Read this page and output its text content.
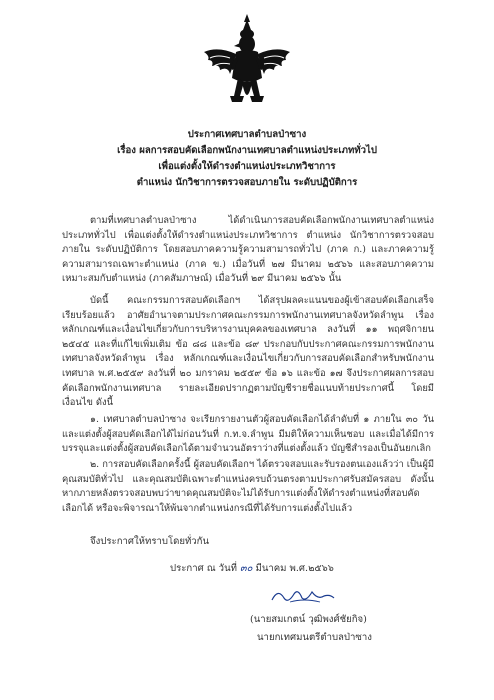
ประกาศเทศบาลตำบลป่าซาง
เรื่อง ผลการสอบคัดเลือกพนักงานเทศบาลตำแหน่งประเภททั่วไป
เพื่อแต่งตั้งให้ดำรงตำแหน่งประเภทวิชาการ
ตำแหน่ง นักวิชาการตรวจสอบภายใน ระดับปฏิบัติการ
ตามที่เทศบาลตำบลป่าซาง ได้ดำเนินการสอบคัดเลือกพนักงานเทศบาลตำแหน่งประเภททั่วไป เพื่อแต่งตั้งให้ดำรงตำแหน่งประเภทวิชาการ ตำแหน่ง นักวิชาการตรวจสอบภายใน ระดับปฏิบัติการ โดยสอบภาคความรู้ความสามารถทั่วไป (ภาค ก.) และภาคความรู้ความสามารถเฉพาะตำแหน่ง (ภาค ข.) เมื่อวันที่ ๒๗ มีนาคม ๒๕๖๖ และสอบภาคความเหมาะสมกับตำแหน่ง (ภาคสัมภาษณ์) เมื่อวันที่ ๒๙ มีนาคม ๒๕๖๖ นั้น
บัดนี้ คณะกรรมการสอบคัดเลือกฯ ได้สรุปผลคะแนนของผู้เข้าสอบคัดเลือกเสร็จเรียบร้อยแล้ว อาศัยอำนาจตามประกาศคณะกรรมการพนักงานเทศบาลจังหวัดลำพูน เรื่อง หลักเกณฑ์และเงื่อนไขเกี่ยวกับการบริหารงานบุคคลของเทศบาล ลงวันที่ ๑๑ พฤศจิกายน ๒๕๔๕ และที่แก้ไขเพิ่มเติม ข้อ ๘๘ และข้อ ๘๙ ประกอบกับประกาศคณะกรรมการพนักงานเทศบาลจังหวัดลำพูน เรื่อง หลักเกณฑ์และเงื่อนไขเกี่ยวกับการสอบคัดเลือกสำหรับพนักงานเทศบาล พ.ศ.๒๕๕๙ ลงวันที่ ๒๐ มกราคม ๒๕๕๙ ข้อ ๑๖ และข้อ ๑๗ จึงประกาศผลการสอบคัดเลือกพนักงานเทศบาล รายละเอียดปรากฏตามบัญชีรายชื่อแนบท้ายประกาศนี้ โดยมีเงื่อนไข ดังนี้
๑. เทศบาลตำบลป่าซาง จะเรียกรายงานตัวผู้สอบคัดเลือกได้ลำดับที่ ๑ ภายใน ๓๐ วัน และแต่งตั้งผู้สอบคัดเลือกได้ไม่ก่อนวันที่ ก.ท.จ.ลำพูน มีมติให้ความเห็นชอบ และเมื่อได้มีการบรรจุและแต่งตั้งผู้สอบคัดเลือกได้ตามจำนวนอัตราว่างที่แต่งตั้งแล้ว บัญชีสำรองเป็นอันยกเลิก
๒. การสอบคัดเลือกครั้งนี้ ผู้สอบคัดเลือกฯ ได้ตรวจสอบและรับรองตนเองแล้วว่า เป็นผู้มีคุณสมบัติทั่วไป และคุณสมบัติเฉพาะตำแหน่งครบถ้วนตรงตามประกาศรับสมัครสอบ ดังนั้นหากภายหลังตรวจสอบพบว่าขาดคุณสมบัติจะไม่ได้รับการแต่งตั้งให้ดำรงตำแหน่งที่สอบคัดเลือกได้ หรือจะพิจารณาให้พ้นจากตำแหน่งกรณีที่ได้รับการแต่งตั้งไปแล้ว
จึงประกาศให้ทราบโดยทั่วกัน
ประกาศ ณ วันที่ ๓๐ มีนาคม พ.ศ.๒๕๖๖
(นายสมเกตน์ วุฒิพงศ์ชัยกิจ)
นายกเทศมนตรีตำบลป่าซาง
